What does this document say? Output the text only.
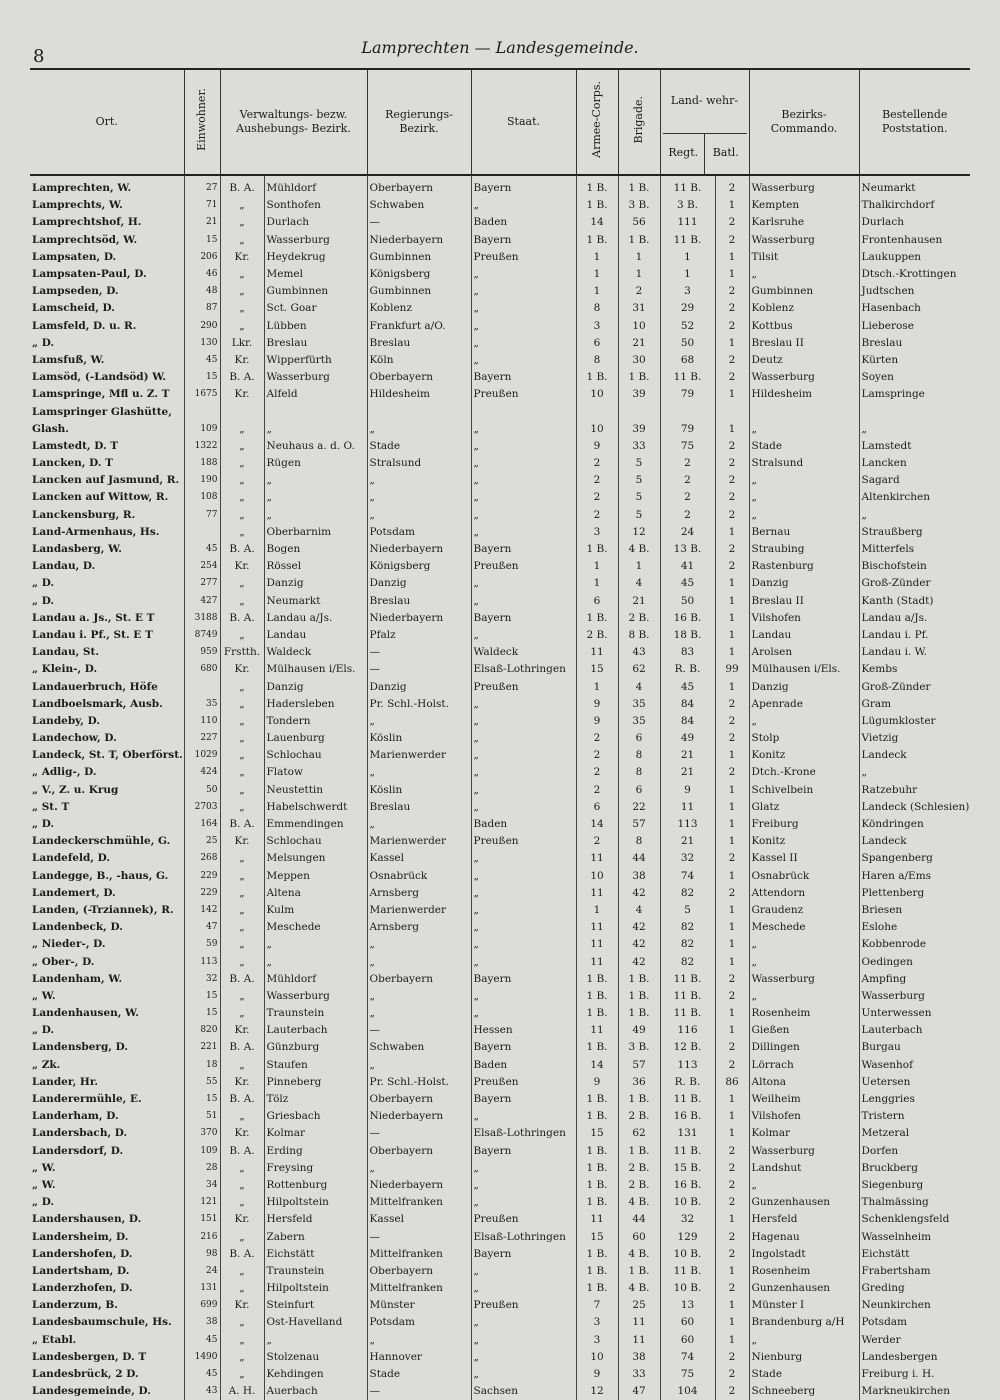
8	Lamprechten — Landesgemeinde.
Ort.	Einwohner.	Verwaltungs- bezw. Aushebungs- Bezirk.		Regierungs- Bezirk.	Staat.	Armee-Corps.	Brigade.	Land- wehr-
Regt. Batl.		Bezirks- Commando.	Bestellende Poststation.
Lamprechten, W.	27	B. A.	Mühldorf	Oberbayern	Bayern	1 B.	1 B.	11 B.	2	Wasserburg	Neumarkt
Lamprechts, W.	71	„	Sonthofen	Schwaben	„	1 B.	3 B.	3 B.	1	Kempten	Thalkirchdorf
Lamprechtshof, H.	21	„	Durlach	—	Baden	14	56	111	2	Karlsruhe	Durlach
Lamprechtsöd, W.	15	„	Wasserburg	Niederbayern	Bayern	1 B.	1 B.	11 B.	2	Wasserburg	Frontenhausen
Lampsaten, D.	206	Kr.	Heydekrug	Gumbinnen	Preußen	1	1	1	1	Tilsit	Laukuppen
Lampsaten-Paul, D.	46	„	Memel	Königsberg	„	1	1	1	1	„	Dtsch.-Krottingen
Lampseden, D.	48	„	Gumbinnen	Gumbinnen	„	1	2	3	2	Gumbinnen	Judtschen
Lamscheid, D.	87	„	Sct. Goar	Koblenz	„	8	31	29	2	Koblenz	Hasenbach
Lamsfeld, D. u. R.	290	„	Lübben	Frankfurt a/O.	„	3	10	52	2	Kottbus	Lieberose
„ D.	130	Lkr.	Breslau	Breslau	„	6	21	50	1	Breslau II	Breslau
Lamsfuß, W.	45	Kr.	Wipperfürth	Köln	„	8	30	68	2	Deutz	Kürten
Lamsöd, (-Landsöd) W.	15	B. A.	Wasserburg	Oberbayern	Bayern	1 B.	1 B.	11 B.	2	Wasserburg	Soyen
Lamspringe, Mfl u. Z. T	1675	Kr.	Alfeld	Hildesheim	Preußen	10	39	79	1	Hildesheim	Lamspringe
Lamspringer Glashütte,											
Glash.	109	„	„	„	„	10	39	79	1	„	„
Lamstedt, D. T	1322	„	Neuhaus a. d. O.	Stade	„	9	33	75	2	Stade	Lamstedt
Lancken, D. T	188	„	Rügen	Stralsund	„	2	5	2	2	Stralsund	Lancken
Lancken auf Jasmund, R.	190	„	„	„	„	2	5	2	2	„	Sagard
Lancken auf Wittow, R.	108	„	„	„	„	2	5	2	2	„	Altenkirchen
Lanckensburg, R.	77	„	„	„	„	2	5	2	2	„	„
Land-Armenhaus, Hs.		„	Oberbarnim	Potsdam	„	3	12	24	1	Bernau	Straußberg
Landasberg, W.	45	B. A.	Bogen	Niederbayern	Bayern	1 B.	4 B.	13 B.	2	Straubing	Mitterfels
Landau, D.	254	Kr.	Rössel	Königsberg	Preußen	1	1	41	2	Rastenburg	Bischofstein
„ D.	277	„	Danzig	Danzig	„	1	4	45	1	Danzig	Groß-Zünder
„ D.	427	„	Neumarkt	Breslau	„	6	21	50	1	Breslau II	Kanth (Stadt)
Landau a. Js., St. E T	3188	B. A.	Landau a/Js.	Niederbayern	Bayern	1 B.	2 B.	16 B.	1	Vilshofen	Landau a/Js.
Landau i. Pf., St. E T	8749	„	Landau	Pfalz	„	2 B.	8 B.	18 B.	1	Landau	Landau i. Pf.
Landau, St.	959	Frstth.	Waldeck	—	Waldeck	11	43	83	1	Arolsen	Landau i. W.
„ Klein-, D.	680	Kr.	Mülhausen i/Els.	—	Elsaß-Lothringen	15	62	R. B.	99	Mülhausen i/Els.	Kembs
Landauerbruch, Höfe		„	Danzig	Danzig	Preußen	1	4	45	1	Danzig	Groß-Zünder
Landboelsmark, Ausb.	35	„	Hadersleben	Pr. Schl.-Holst.	„	9	35	84	2	Apenrade	Gram
Landeby, D.	110	„	Tondern	„	„	9	35	84	2	„	Lügumkloster
Landechow, D.	227	„	Lauenburg	Köslin	„	2	6	49	2	Stolp	Vietzig
Landeck, St. T, Oberförst.	1029	„	Schlochau	Marienwerder	„	2	8	21	1	Konitz	Landeck
„ Adlig-, D.	424	„	Flatow	„	„	2	8	21	2	Dtch.-Krone	„
„ V., Z. u. Krug	50	„	Neustettin	Köslin	„	2	6	9	1	Schivelbein	Ratzebuhr
„ St. T	2703	„	Habelschwerdt	Breslau	„	6	22	11	1	Glatz	Landeck (Schlesien)
„ D.	164	B. A.	Emmendingen	„	Baden	14	57	113	1	Freiburg	Köndringen
Landeckerschmühle, G.	25	Kr.	Schlochau	Marienwerder	Preußen	2	8	21	1	Konitz	Landeck
Landefeld, D.	268	„	Melsungen	Kassel	„	11	44	32	2	Kassel II	Spangenberg
Landegge, B., -haus, G.	229	„	Meppen	Osnabrück	„	10	38	74	1	Osnabrück	Haren a/Ems
Landemert, D.	229	„	Altena	Arnsberg	„	11	42	82	2	Attendorn	Plettenberg
Landen, (-Trziannek), R.	142	„	Kulm	Marienwerder	„	1	4	5	1	Graudenz	Briesen
Landenbeck, D.	47	„	Meschede	Arnsberg	„	11	42	82	1	Meschede	Eslohe
„ Nieder-, D.	59	„	„	„	„	11	42	82	1	„	Kobbenrode
„ Ober-, D.	113	„	„	„	„	11	42	82	1	„	Oedingen
Landenham, W.	32	B. A.	Mühldorf	Oberbayern	Bayern	1 B.	1 B.	11 B.	2	Wasserburg	Ampfing
„ W.	15	„	Wasserburg	„	„	1 B.	1 B.	11 B.	2	„	Wasserburg
Landenhausen, W.	15	„	Traunstein	„	„	1 B.	1 B.	11 B.	1	Rosenheim	Unterwessen
„ D.	820	Kr.	Lauterbach	—	Hessen	11	49	116	1	Gießen	Lauterbach
Landensberg, D.	221	B. A.	Günzburg	Schwaben	Bayern	1 B.	3 B.	12 B.	2	Dillingen	Burgau
„ Zk.	18	„	Staufen	„	Baden	14	57	113	2	Lörrach	Wasenhof
Lander, Hr.	55	Kr.	Pinneberg	Pr. Schl.-Holst.	Preußen	9	36	R. B.	86	Altona	Uetersen
Landerermühle, E.	15	B. A.	Tölz	Oberbayern	Bayern	1 B.	1 B.	11 B.	1	Weilheim	Lenggries
Landerham, D.	51	„	Griesbach	Niederbayern	„	1 B.	2 B.	16 B.	1	Vilshofen	Tristern
Landersbach, D.	370	Kr.	Kolmar	—	Elsaß-Lothringen	15	62	131	1	Kolmar	Metzeral
Landersdorf, D.	109	B. A.	Erding	Oberbayern	Bayern	1 B.	1 B.	11 B.	2	Wasserburg	Dorfen
„ W.	28	„	Freysing	„	„	1 B.	2 B.	15 B.	2	Landshut	Bruckberg
„ W.	34	„	Rottenburg	Niederbayern	„	1 B.	2 B.	16 B.	2	„	Siegenburg
„ D.	121	„	Hilpoltstein	Mittelfranken	„	1 B.	4 B.	10 B.	2	Gunzenhausen	Thalmässing
Landershausen, D.	151	Kr.	Hersfeld	Kassel	Preußen	11	44	32	1	Hersfeld	Schenklengsfeld
Landersheim, D.	216	„	Zabern	—	Elsaß-Lothringen	15	60	129	2	Hagenau	Wasselnheim
Landershofen, D.	98	B. A.	Eichstätt	Mittelfranken	Bayern	1 B.	4 B.	10 B.	2	Ingolstadt	Eichstätt
Landertsham, D.	24	„	Traunstein	Oberbayern	„	1 B.	1 B.	11 B.	1	Rosenheim	Frabertsham
Landerzhofen, D.	131	„	Hilpoltstein	Mittelfranken	„	1 B.	4 B.	10 B.	2	Gunzenhausen	Greding
Landerzum, B.	699	Kr.	Steinfurt	Münster	Preußen	7	25	13	1	Münster I	Neunkirchen
Landesbaumschule, Hs.	38	„	Ost-Havelland	Potsdam	„	3	11	60	1	Brandenburg a/H	Potsdam
„ Etabl.	45	„	„	„	„	3	11	60	1	„	Werder
Landesbergen, D. T	1490	„	Stolzenau	Hannover	„	10	38	74	2	Nienburg	Landesbergen
Landesbrück, 2 D.	45	„	Kehdingen	Stade	„	9	33	75	2	Stade	Freiburg i. H.
Landesgemeinde, D.	43	A. H.	Auerbach	—	Sachsen	12	47	104	2	Schneeberg	Markneukirchen
